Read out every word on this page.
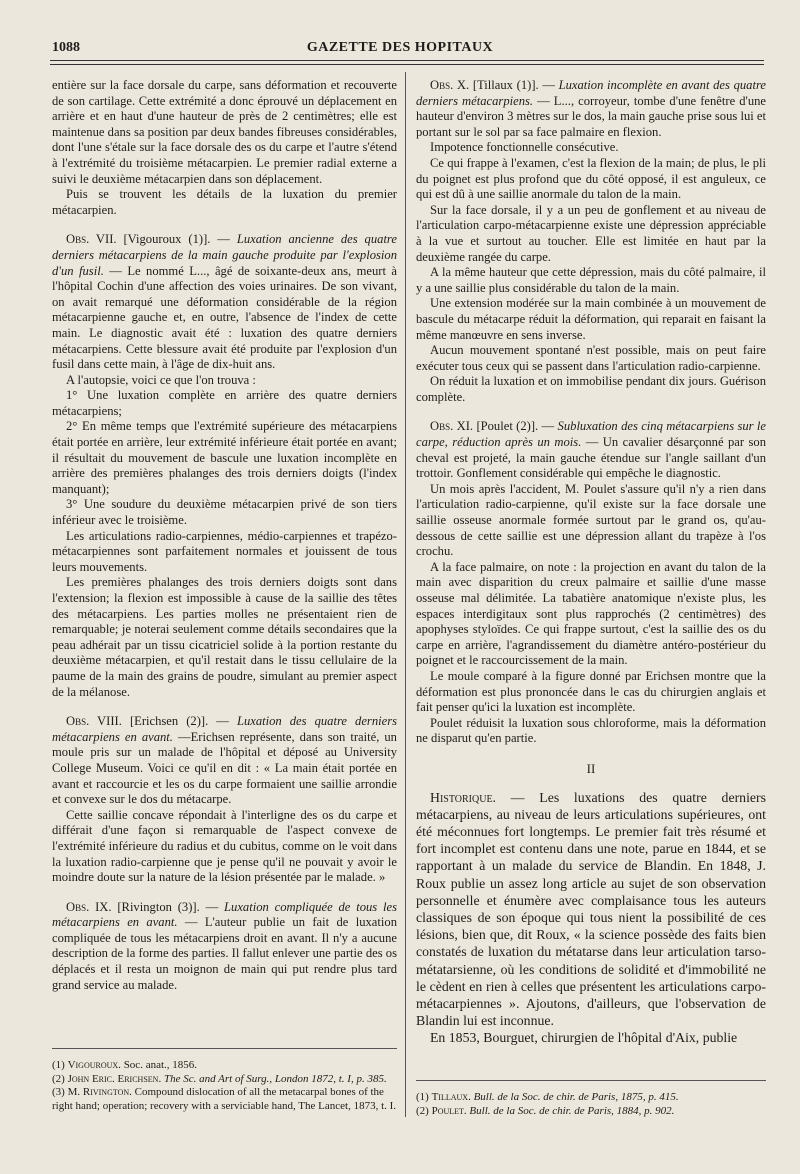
1088	GAZETTE DES HOPITAUX

entière sur la face dorsale du carpe, sans déformation et recouverte de son cartilage. Cette extrémité a donc éprouvé un déplacement en arrière et en haut d'une hauteur de près de 2 centimètres; elle est maintenue dans sa position par deux bandes fibreuses considérables, dont l'une s'étale sur la face dorsale des os du carpe et l'autre s'étend à l'extrémité du troisième métacarpien. Le premier radial externe a suivi le deuxième métacarpien dans son déplacement.

Puis se trouvent les détails de la luxation du premier métacarpien.

Obs. VII. [Vigouroux (1)]. — Luxation ancienne des quatre derniers métacarpiens de la main gauche produite par l'explosion d'un fusil. — Le nommé L..., âgé de soixante-deux ans, meurt à l'hôpital Cochin d'une affection des voies urinaires. De son vivant, on avait remarqué une déformation considérable de la région métacarpienne gauche et, en outre, l'absence de l'index de cette main. Le diagnostic avait été : luxation des quatre derniers métacarpiens. Cette blessure avait été produite par l'explosion d'un fusil dans cette main, à l'âge de dix-huit ans.

A l'autopsie, voici ce que l'on trouva :

1° Une luxation complète en arrière des quatre derniers métacarpiens;

2° En même temps que l'extrémité supérieure des métacarpiens était portée en arrière, leur extrémité inférieure était portée en avant; il résultait du mouvement de bascule une luxation incomplète en arrière des premières phalanges des trois derniers doigts (l'index manquant);

3° Une soudure du deuxième métacarpien privé de son tiers inférieur avec le troisième.

Les articulations radio-carpiennes, médio-carpiennes et trapézo-métacarpiennes sont parfaitement normales et jouissent de tous leurs mouvements.

Les premières phalanges des trois derniers doigts sont dans l'extension; la flexion est impossible à cause de la saillie des têtes des métacarpiens. Les parties molles ne présentaient rien de remarquable; je noterai seulement comme détails secondaires que la peau adhérait par un tissu cicatriciel solide à la portion restante du deuxième métacarpien, et qu'il restait dans le tissu cellulaire de la paume de la main des grains de poudre, simulant au premier aspect de la mélanose.

Obs. VIII. [Erichsen (2)]. — Luxation des quatre derniers métacarpiens en avant. —Erichsen représente, dans son traité, un moule pris sur un malade de l'hôpital et déposé au University College Museum. Voici ce qu'il en dit : « La main était portée en avant et raccourcie et les os du carpe formaient une saillie arrondie et convexe sur le dos du métacarpe.

Cette saillie concave répondait à l'interligne des os du carpe et différait d'une façon si remarquable de l'aspect convexe de l'extrémité inférieure du radius et du cubitus, comme on le voit dans la luxation radio-carpienne que je pense qu'il ne pouvait y avoir le moindre doute sur la nature de la lésion présentée par le malade. »

Obs. IX. [Rivington (3)]. — Luxation compliquée de tous les métacarpiens en avant. — L'auteur publie un fait de luxation compliquée de tous les métacarpiens droit en avant. Il n'y a aucune description de la forme des parties. Il fallut enlever une partie des os déplacés et il resta un moignon de main qui put rendre plus tard grand service au malade.

(1) Vigouroux. Soc. anat., 1856.

(2) John Eric. Erichsen. The Sc. and Art of Surg., London 1872, t. I, p. 385.

(3) M. Rivington. Compound dislocation of all the metacarpal bones of the right hand; operation; recovery with a serviciable hand, The Lancet, 1873, t. I.

Obs. X. [Tillaux (1)]. — Luxation incomplète en avant des quatre derniers métacarpiens. — L..., corroyeur, tombe d'une fenêtre d'une hauteur d'environ 3 mètres sur le dos, la main gauche prise sous lui et portant sur le sol par sa face palmaire en flexion.

Impotence fonctionnelle consécutive.

Ce qui frappe à l'examen, c'est la flexion de la main; de plus, le pli du poignet est plus profond que du côté opposé, il est anguleux, ce qui est dû à une saillie anormale du talon de la main.

Sur la face dorsale, il y a un peu de gonflement et au niveau de l'articulation carpo-métacarpienne existe une dépression appréciable à la vue et surtout au toucher. Elle est limitée en haut par la deuxième rangée du carpe.

A la même hauteur que cette dépression, mais du côté palmaire, il y a une saillie plus considérable du talon de la main.

Une extension modérée sur la main combinée à un mouvement de bascule du métacarpe réduit la déformation, qui reparait en faisant la même manœuvre en sens inverse.

Aucun mouvement spontané n'est possible, mais on peut faire exécuter tous ceux qui se passent dans l'articulation radio-carpienne.

On réduit la luxation et on immobilise pendant dix jours. Guérison complète.

Obs. XI. [Poulet (2)]. — Subluxation des cinq métacarpiens sur le carpe, réduction après un mois. — Un cavalier désarçonné par son cheval est projeté, la main gauche étendue sur l'angle saillant d'un trottoir. Gonflement considérable qui empêche le diagnostic.

Un mois après l'accident, M. Poulet s'assure qu'il n'y a rien dans l'articulation radio-carpienne, qu'il existe sur la face dorsale une saillie osseuse anormale formée surtout par le grand os, qu'au-dessous de cette saillie est une dépression allant du trapèze à l'os crochu.

A la face palmaire, on note : la projection en avant du talon de la main avec disparition du creux palmaire et saillie d'une masse osseuse mal délimitée. La tabatière anatomique n'existe plus, les espaces interdigitaux sont plus rapprochés (2 centimètres) des apophyses styloïdes. Ce qui frappe surtout, c'est la saillie des os du carpe en arrière, l'agrandissement du diamètre antéro-postérieur du poignet et le raccourcissement de la main.

Le moule comparé à la figure donné par Erichsen montre que la déformation est plus prononcée dans le cas du chirurgien anglais et fait penser qu'ici la luxation est incomplète.

Poulet réduisit la luxation sous chloroforme, mais la déformation ne disparut qu'en partie.

II

Historique. — Les luxations des quatre derniers métacarpiens, au niveau de leurs articulations supérieures, ont été méconnues fort longtemps. Le premier fait très résumé et fort incomplet est contenu dans une note, parue en 1844, et se rapportant à un malade du service de Blandin. En 1848, J. Roux publie un assez long article au sujet de son observation personnelle et énumère avec complaisance tous les auteurs classiques de son époque qui tous nient la possibilité de ces lésions, bien que, dit Roux, « la science possède des faits bien constatés de luxation du métatarse dans leur articulation tarso-métatarsienne, où les conditions de solidité et d'immobilité ne le cèdent en rien à celles que présentent les articulations carpo-métacarpiennes ». Ajoutons, d'ailleurs, que l'observation de Blandin lui est inconnue.

En 1853, Bourguet, chirurgien de l'hôpital d'Aix, publie

(1) Tillaux. Bull. de la Soc. de chir. de Paris, 1875, p. 415.

(2) Poulet. Bull. de la Soc. de chir. de Paris, 1884, p. 902.
